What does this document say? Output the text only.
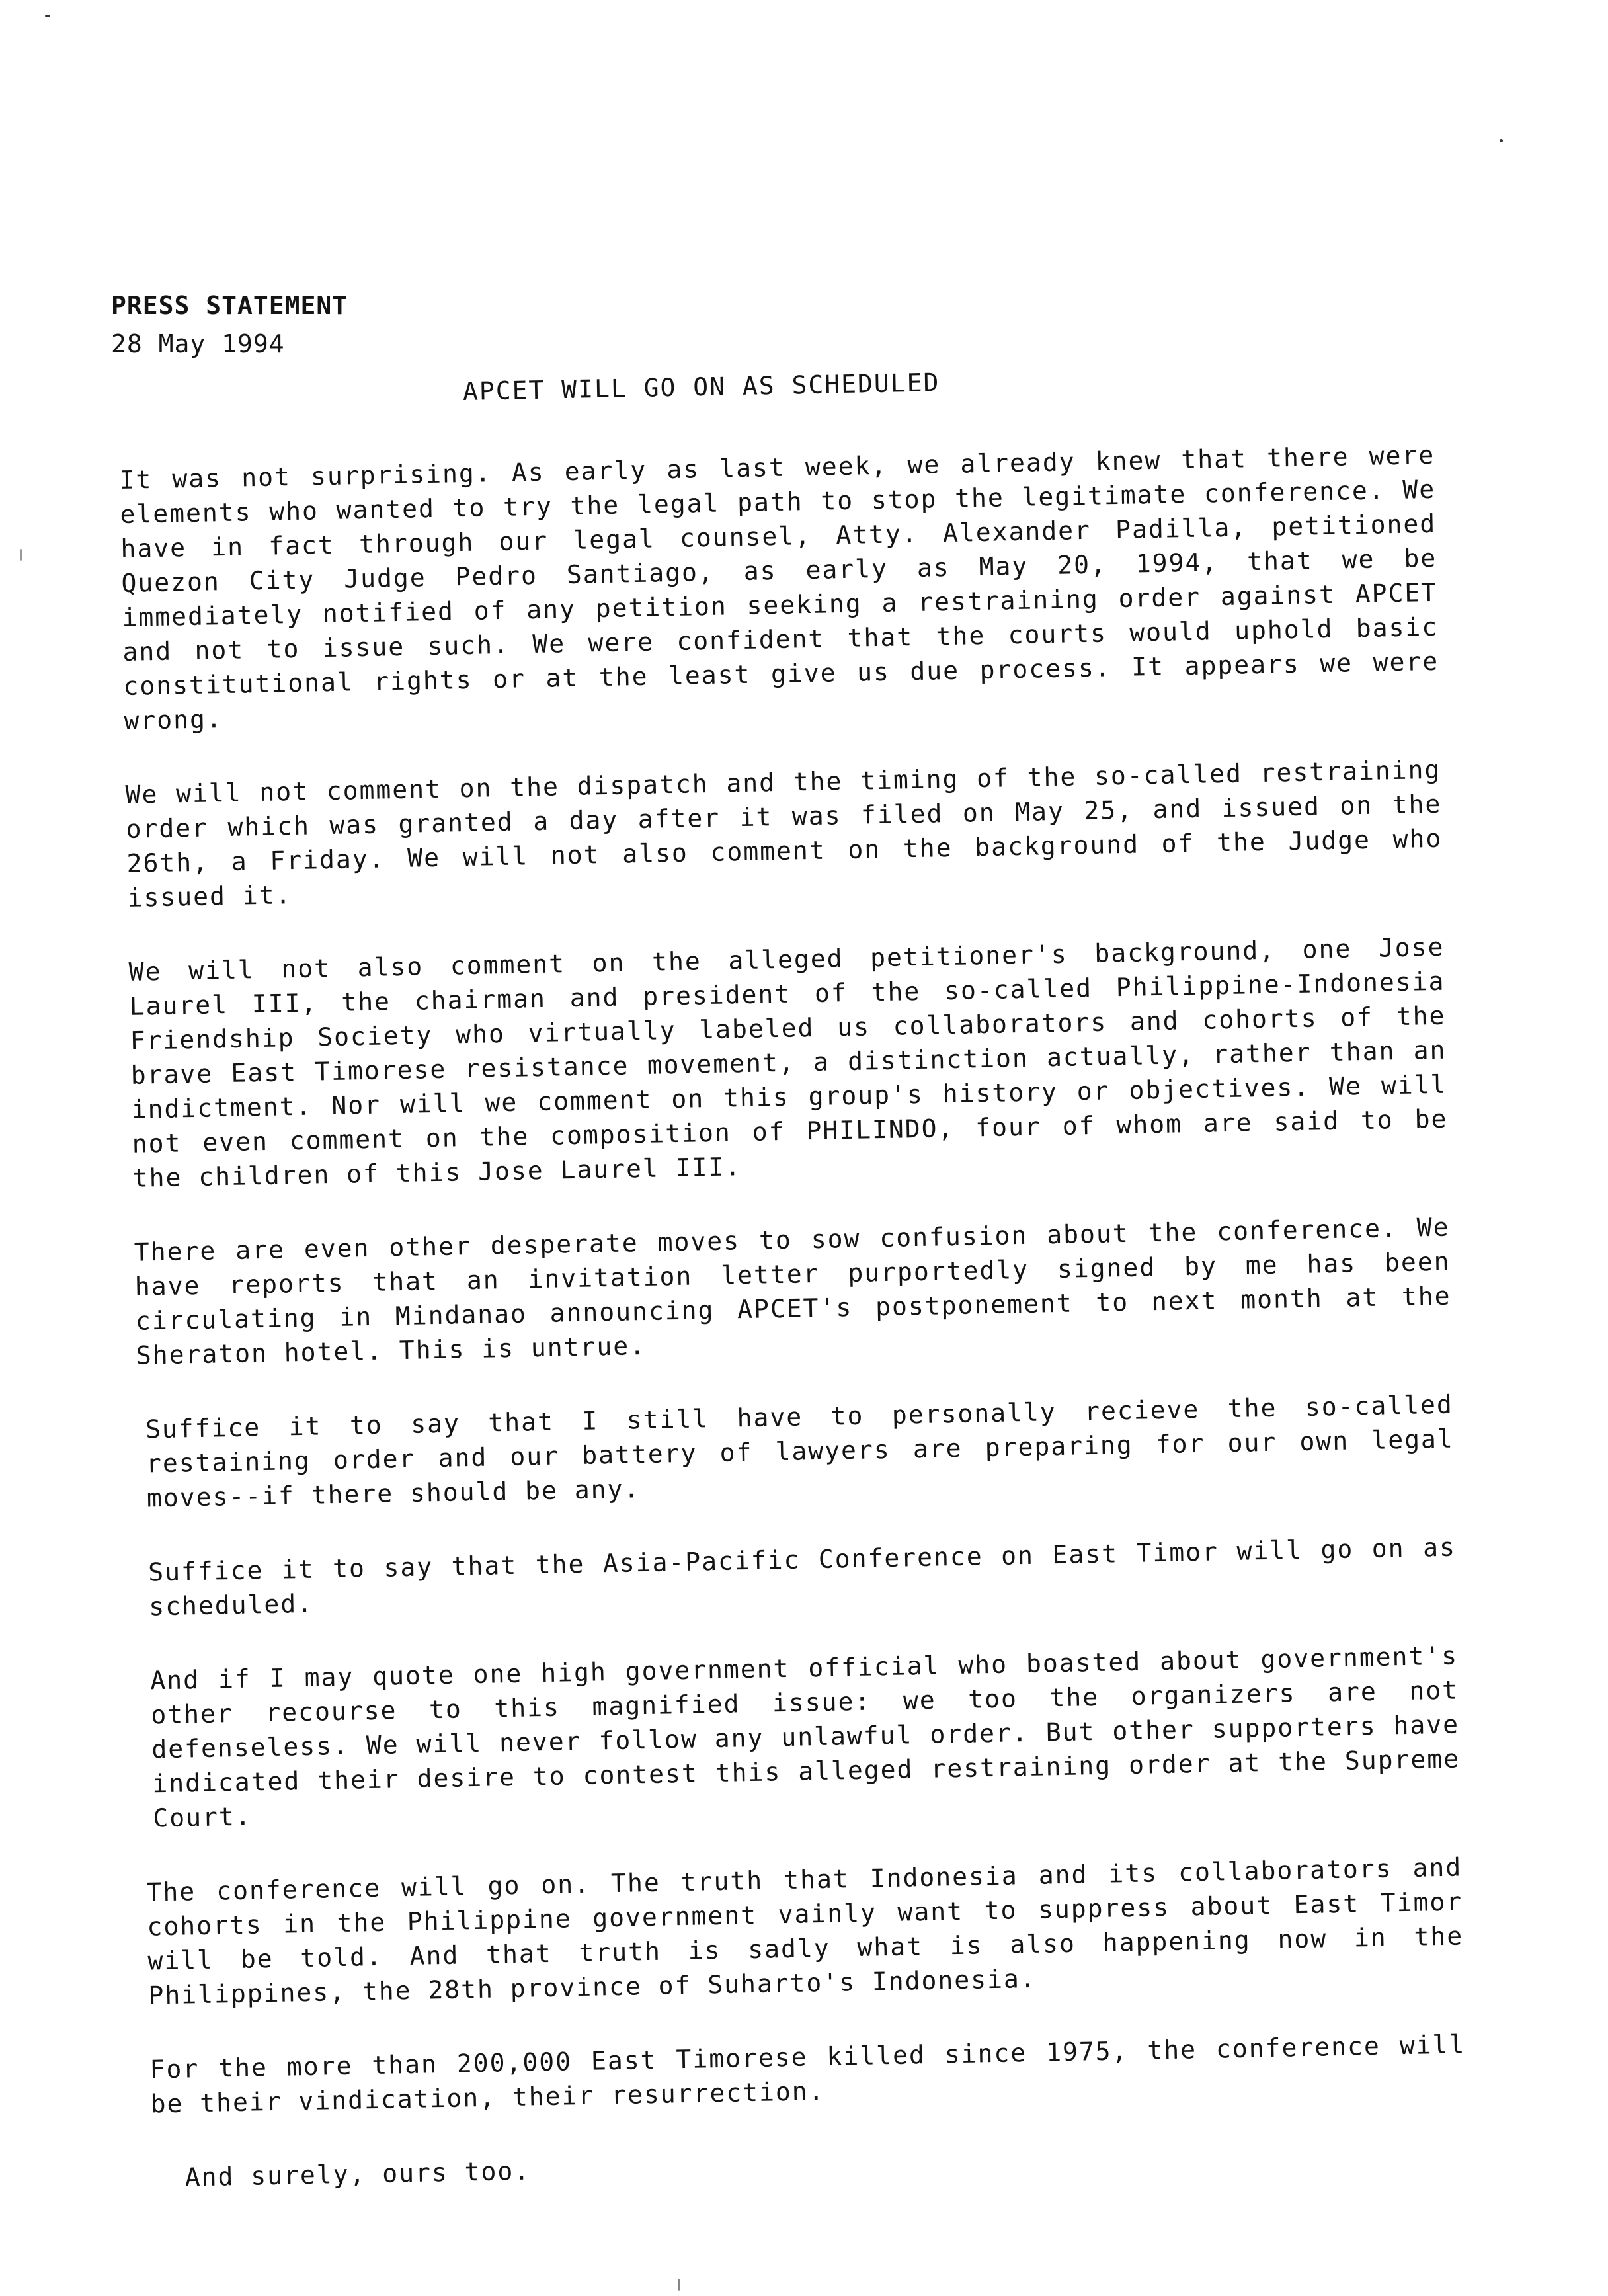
PRESS STATEMENT
28 May 1994
APCET WILL GO ON AS SCHEDULED

It was not surprising. As early as last week, we already knew that there were elements who wanted to try the legal path to stop the legitimate conference. We have in fact through our legal counsel, Atty. Alexander Padilla, petitioned Quezon City Judge Pedro Santiago, as early as May 20, 1994, that we be immediately notified of any petition seeking a restraining order against APCET and not to issue such. We were confident that the courts would uphold basic constitutional rights or at the least give us due process. It appears we were wrong.

We will not comment on the dispatch and the timing of the so-called restraining order which was granted a day after it was filed on May 25, and issued on the 26th, a Friday. We will not also comment on the background of the Judge who issued it.

We will not also comment on the alleged petitioner's background, one Jose Laurel III, the chairman and president of the so-called Philippine-Indonesia Friendship Society who virtually labeled us collaborators and cohorts of the brave East Timorese resistance movement, a distinction actually, rather than an indictment. Nor will we comment on this group's history or objectives. We will not even comment on the composition of PHILINDO, four of whom are said to be the children of this Jose Laurel III.

There are even other desperate moves to sow confusion about the conference. We have reports that an invitation letter purportedly signed by me has been circulating in Mindanao announcing APCET's postponement to next month at the Sheraton hotel. This is untrue.

Suffice it to say that I still have to personally recieve the so-called restaining order and our battery of lawyers are preparing for our own legal moves--if there should be any.

Suffice it to say that the Asia-Pacific Conference on East Timor will go on as scheduled.

And if I may quote one high government official who boasted about government's other recourse to this magnified issue: we too the organizers are not defenseless. We will never follow any unlawful order. But other supporters have indicated their desire to contest this alleged restraining order at the Supreme Court.

The conference will go on. The truth that Indonesia and its collaborators and cohorts in the Philippine government vainly want to suppress about East Timor will be told. And that truth is sadly what is also happening now in the Philippines, the 28th province of Suharto's Indonesia.

For the more than 200,000 East Timorese killed since 1975, the conference will be their vindication, their resurrection.

And surely, ours too.
